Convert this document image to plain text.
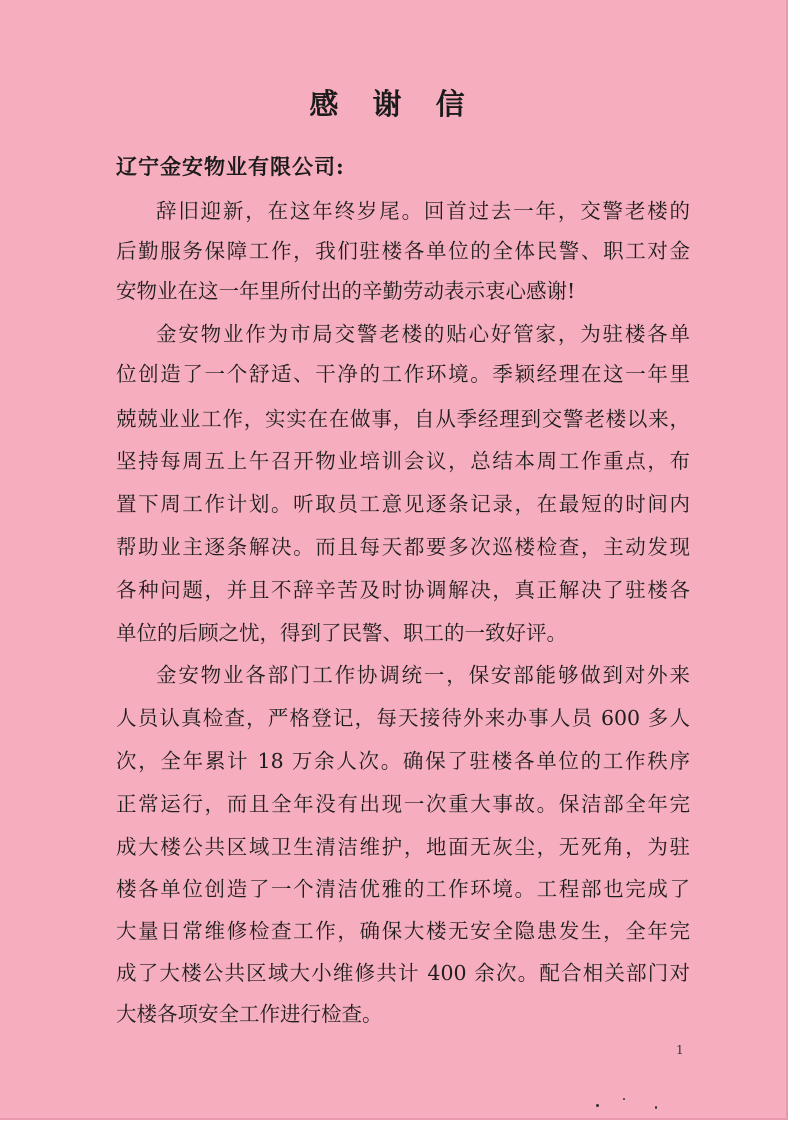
感 谢 信
辽宁金安物业有限公司:
辞旧迎新，在这年终岁尾。回首过去一年，交警老楼的
后勤服务保障工作，我们驻楼各单位的全体民警、职工对金
安物业在这一年里所付出的辛勤劳动表示衷心感谢!
金安物业作为市局交警老楼的贴心好管家，为驻楼各单
位创造了一个舒适、干净的工作环境。季颖经理在这一年里
兢兢业业工作，实实在在做事，自从季经理到交警老楼以来，
坚持每周五上午召开物业培训会议，总结本周工作重点，布
置下周工作计划。听取员工意见逐条记录，在最短的时间内
帮助业主逐条解决。而且每天都要多次巡楼检查，主动发现
各种问题，并且不辞辛苦及时协调解决，真正解决了驻楼各
单位的后顾之忧，得到了民警、职工的一致好评。
金安物业各部门工作协调统一，保安部能够做到对外来
人员认真检查，严格登记，每天接待外来办事人员 600 多人
次，全年累计 18 万余人次。确保了驻楼各单位的工作秩序
正常运行，而且全年没有出现一次重大事故。保洁部全年完
成大楼公共区域卫生清洁维护，地面无灰尘，无死角，为驻
楼各单位创造了一个清洁优雅的工作环境。工程部也完成了
大量日常维修检查工作，确保大楼无安全隐患发生，全年完
成了大楼公共区域大小维修共计 400 余次。配合相关部门对
大楼各项安全工作进行检查。
1
